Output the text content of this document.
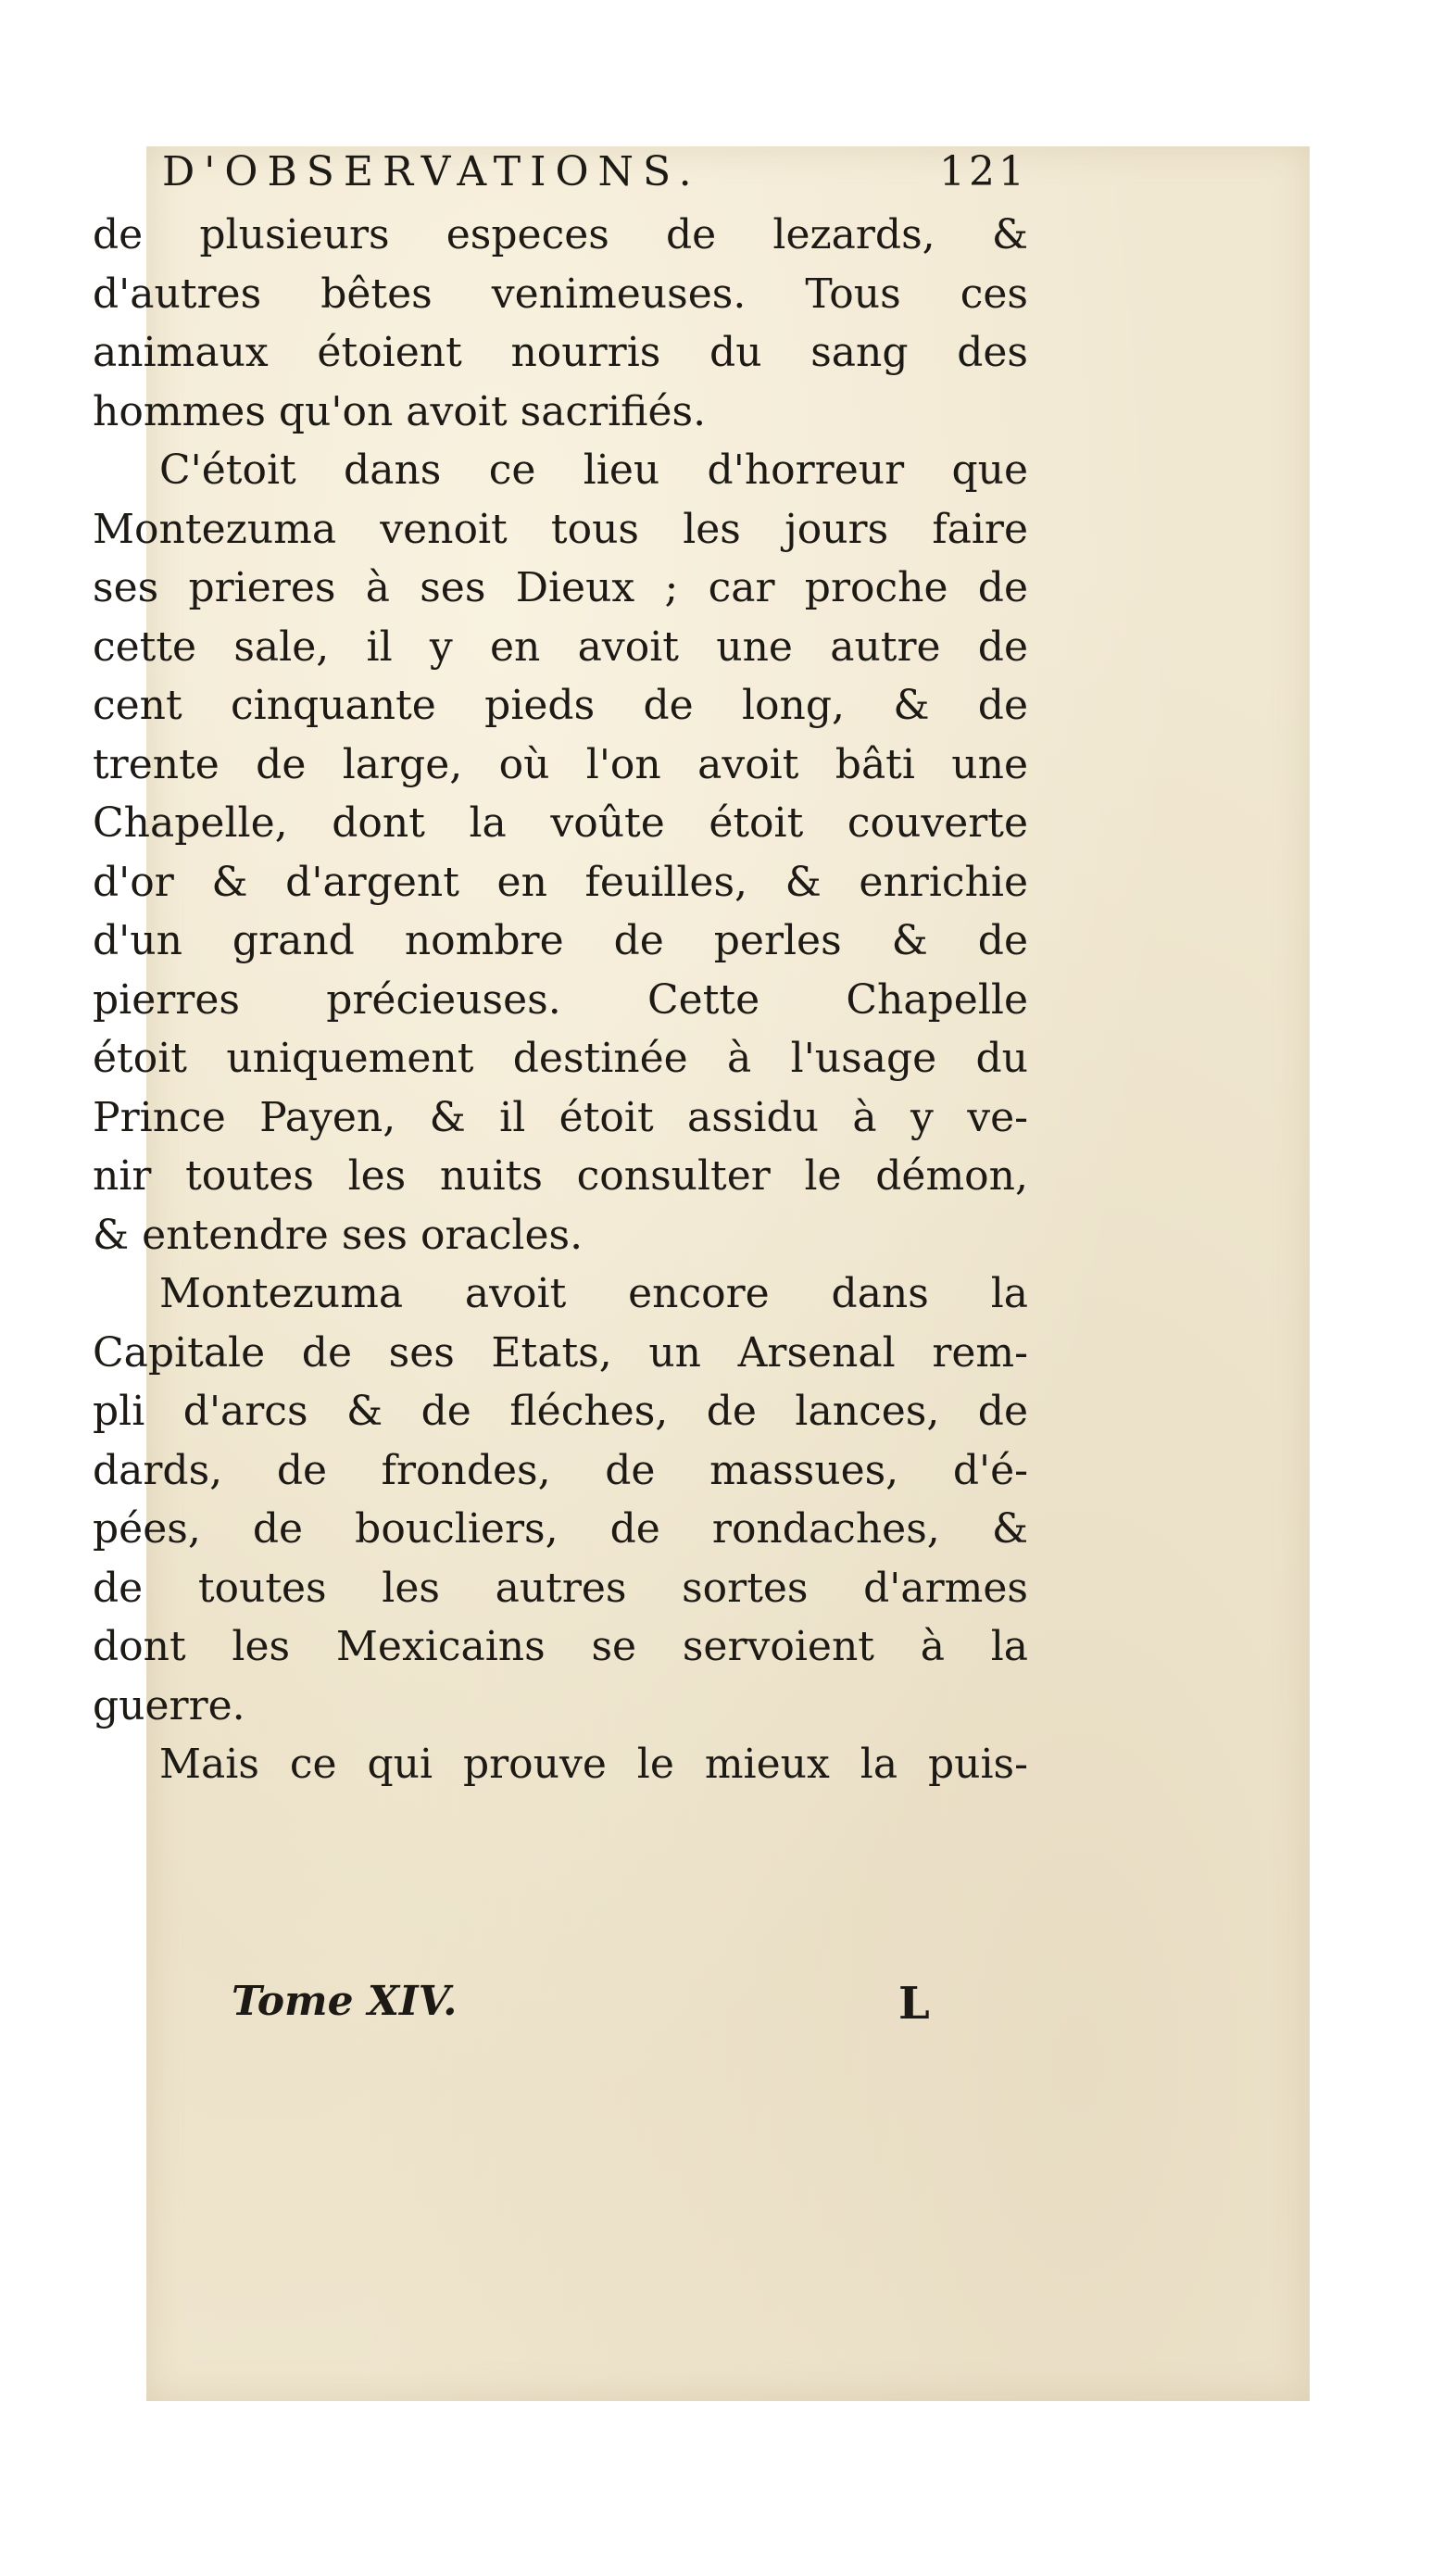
D'OBSERVATIONS.	121
de plusieurs especes de lezards, &
d'autres bêtes venimeuses. Tous ces
animaux étoient nourris du sang des
hommes qu'on avoit sacrifiés.
C'étoit dans ce lieu d'horreur que
Montezuma venoit tous les jours faire
ses prieres à ses Dieux ; car proche de
cette sale, il y en avoit une autre de
cent cinquante pieds de long, & de
trente de large, où l'on avoit bâti une
Chapelle, dont la voûte étoit couverte
d'or & d'argent en feuilles, & enrichie
d'un grand nombre de perles & de
pierres précieuses. Cette Chapelle
étoit uniquement destinée à l'usage du
Prince Payen, & il étoit assidu à y ve-
nir toutes les nuits consulter le démon,
& entendre ses oracles.
Montezuma avoit encore dans la
Capitale de ses Etats, un Arsenal rem-
pli d'arcs & de fléches, de lances, de
dards, de frondes, de massues, d'é-
pées, de boucliers, de rondaches, &
de toutes les autres sortes d'armes
dont les Mexicains se servoient à la
guerre.
Mais ce qui prouve le mieux la puis-
Tome XIV.	L
